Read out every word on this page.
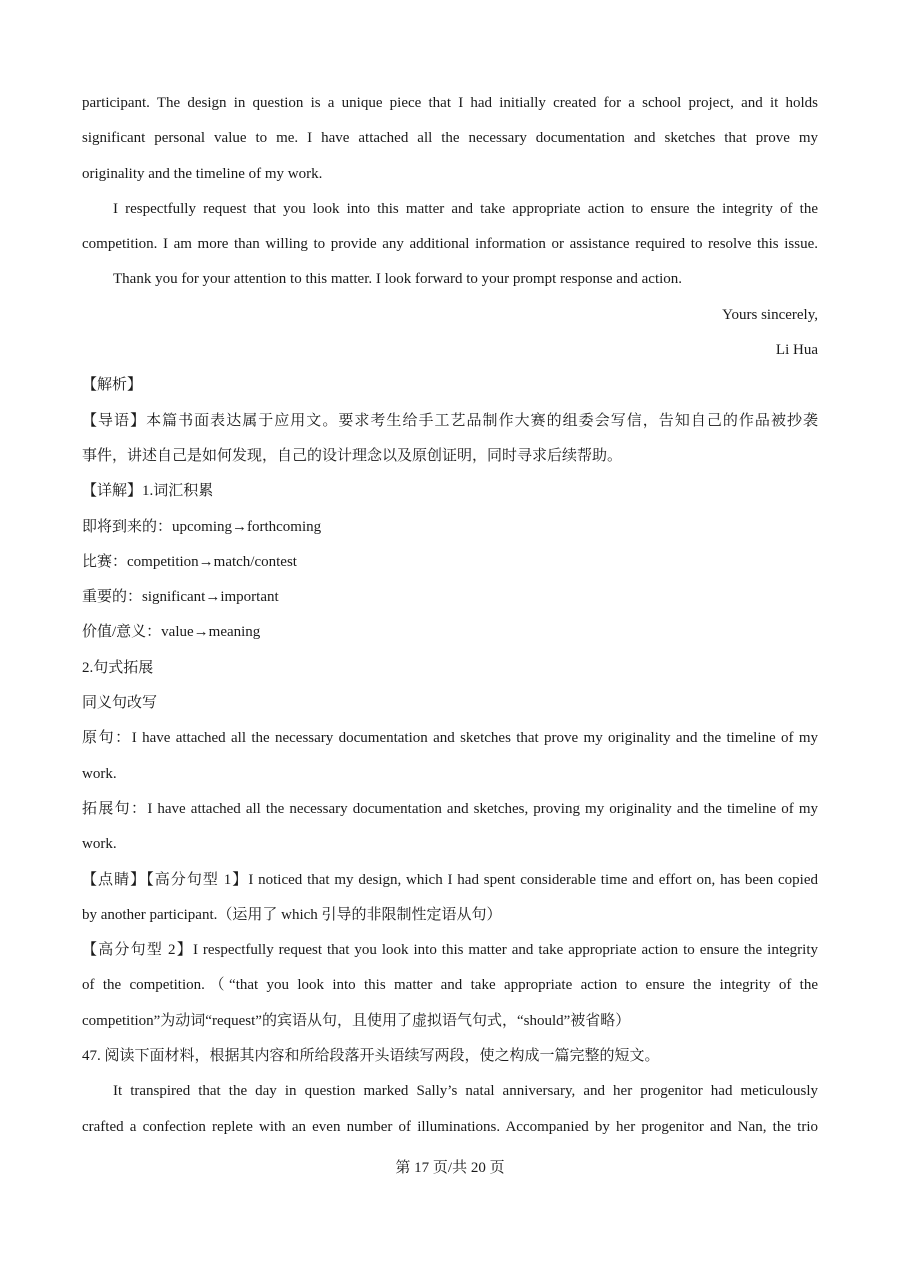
participant. The design in question is a unique piece that I had initially created for a school project, and it holds
significant personal value to me. I have attached all the necessary documentation and sketches that prove my
originality and the timeline of my work.
I respectfully request that you look into this matter and take appropriate action to ensure the integrity of the
competition. I am more than willing to provide any additional information or assistance required to resolve this issue.
Thank you for your attention to this matter. I look forward to your prompt response and action.
Yours sincerely,
Li Hua
【解析】
【导语】本篇书面表达属于应用文。要求考生给手工艺品制作大赛的组委会写信，告知自己的作品被抄袭
事件，讲述自己是如何发现，自己的设计理念以及原创证明，同时寻求后续帮助。
【详解】1.词汇积累
即将到来的：upcoming→forthcoming
比赛：competition→match/contest
重要的：significant→important
价值/意义：value→meaning
2.句式拓展
同义句改写
原句：I have attached all the necessary documentation and sketches that prove my originality and the timeline of my
work.
拓展句：I have attached all the necessary documentation and sketches, proving my originality and the timeline of my
work.
【点睛】【高分句型 1】I noticed that my design, which I had spent considerable time and effort on, has been copied
by another participant.（运用了 which 引导的非限制性定语从句）
【高分句型 2】I respectfully request that you look into this matter and take appropriate action to ensure the integrity
of the competition.（“that you look into this matter and take appropriate action to ensure the integrity of the
competition”为动词“request”的宾语从句，且使用了虚拟语气句式，“should”被省略）
47. 阅读下面材料，根据其内容和所给段落开头语续写两段，使之构成一篇完整的短文。
It transpired that the day in question marked Sally’s natal anniversary, and her progenitor had meticulously
crafted a confection replete with an even number of illuminations. Accompanied by her progenitor and Nan, the trio
第 17 页/共 20 页
